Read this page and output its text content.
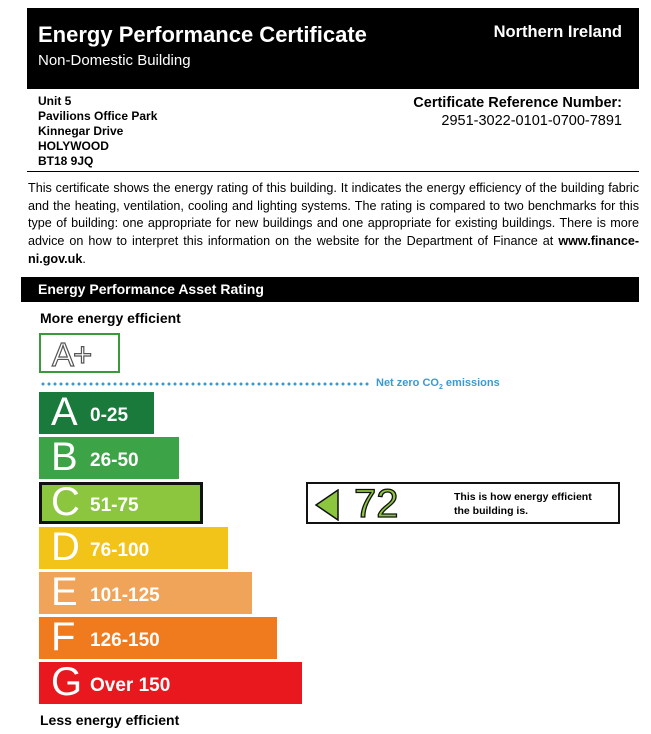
Energy Performance Certificate
Non-Domestic Building
Northern Ireland
Unit 5
Pavilions Office Park
Kinnegar Drive
HOLYWOOD
BT18 9JQ
Certificate Reference Number:
2951-3022-0101-0700-7891
This certificate shows the energy rating of this building. It indicates the energy efficiency of the building fabric and the heating, ventilation, cooling and lighting systems. The rating is compared to two benchmarks for this type of building: one appropriate for new buildings and one appropriate for existing buildings. There is more advice on how to interpret this information on the website for the Department of Finance at www.finance-ni.gov.uk.
Energy Performance Asset Rating
More energy efficient
A+
Net zero $CO_2$ emissions
A 0-25
B 26-50
C 51-75
D 76-100
E 101-125
F 126-150
G Over 150
72	This is how energy efficient
the building is.
Less energy efficient
